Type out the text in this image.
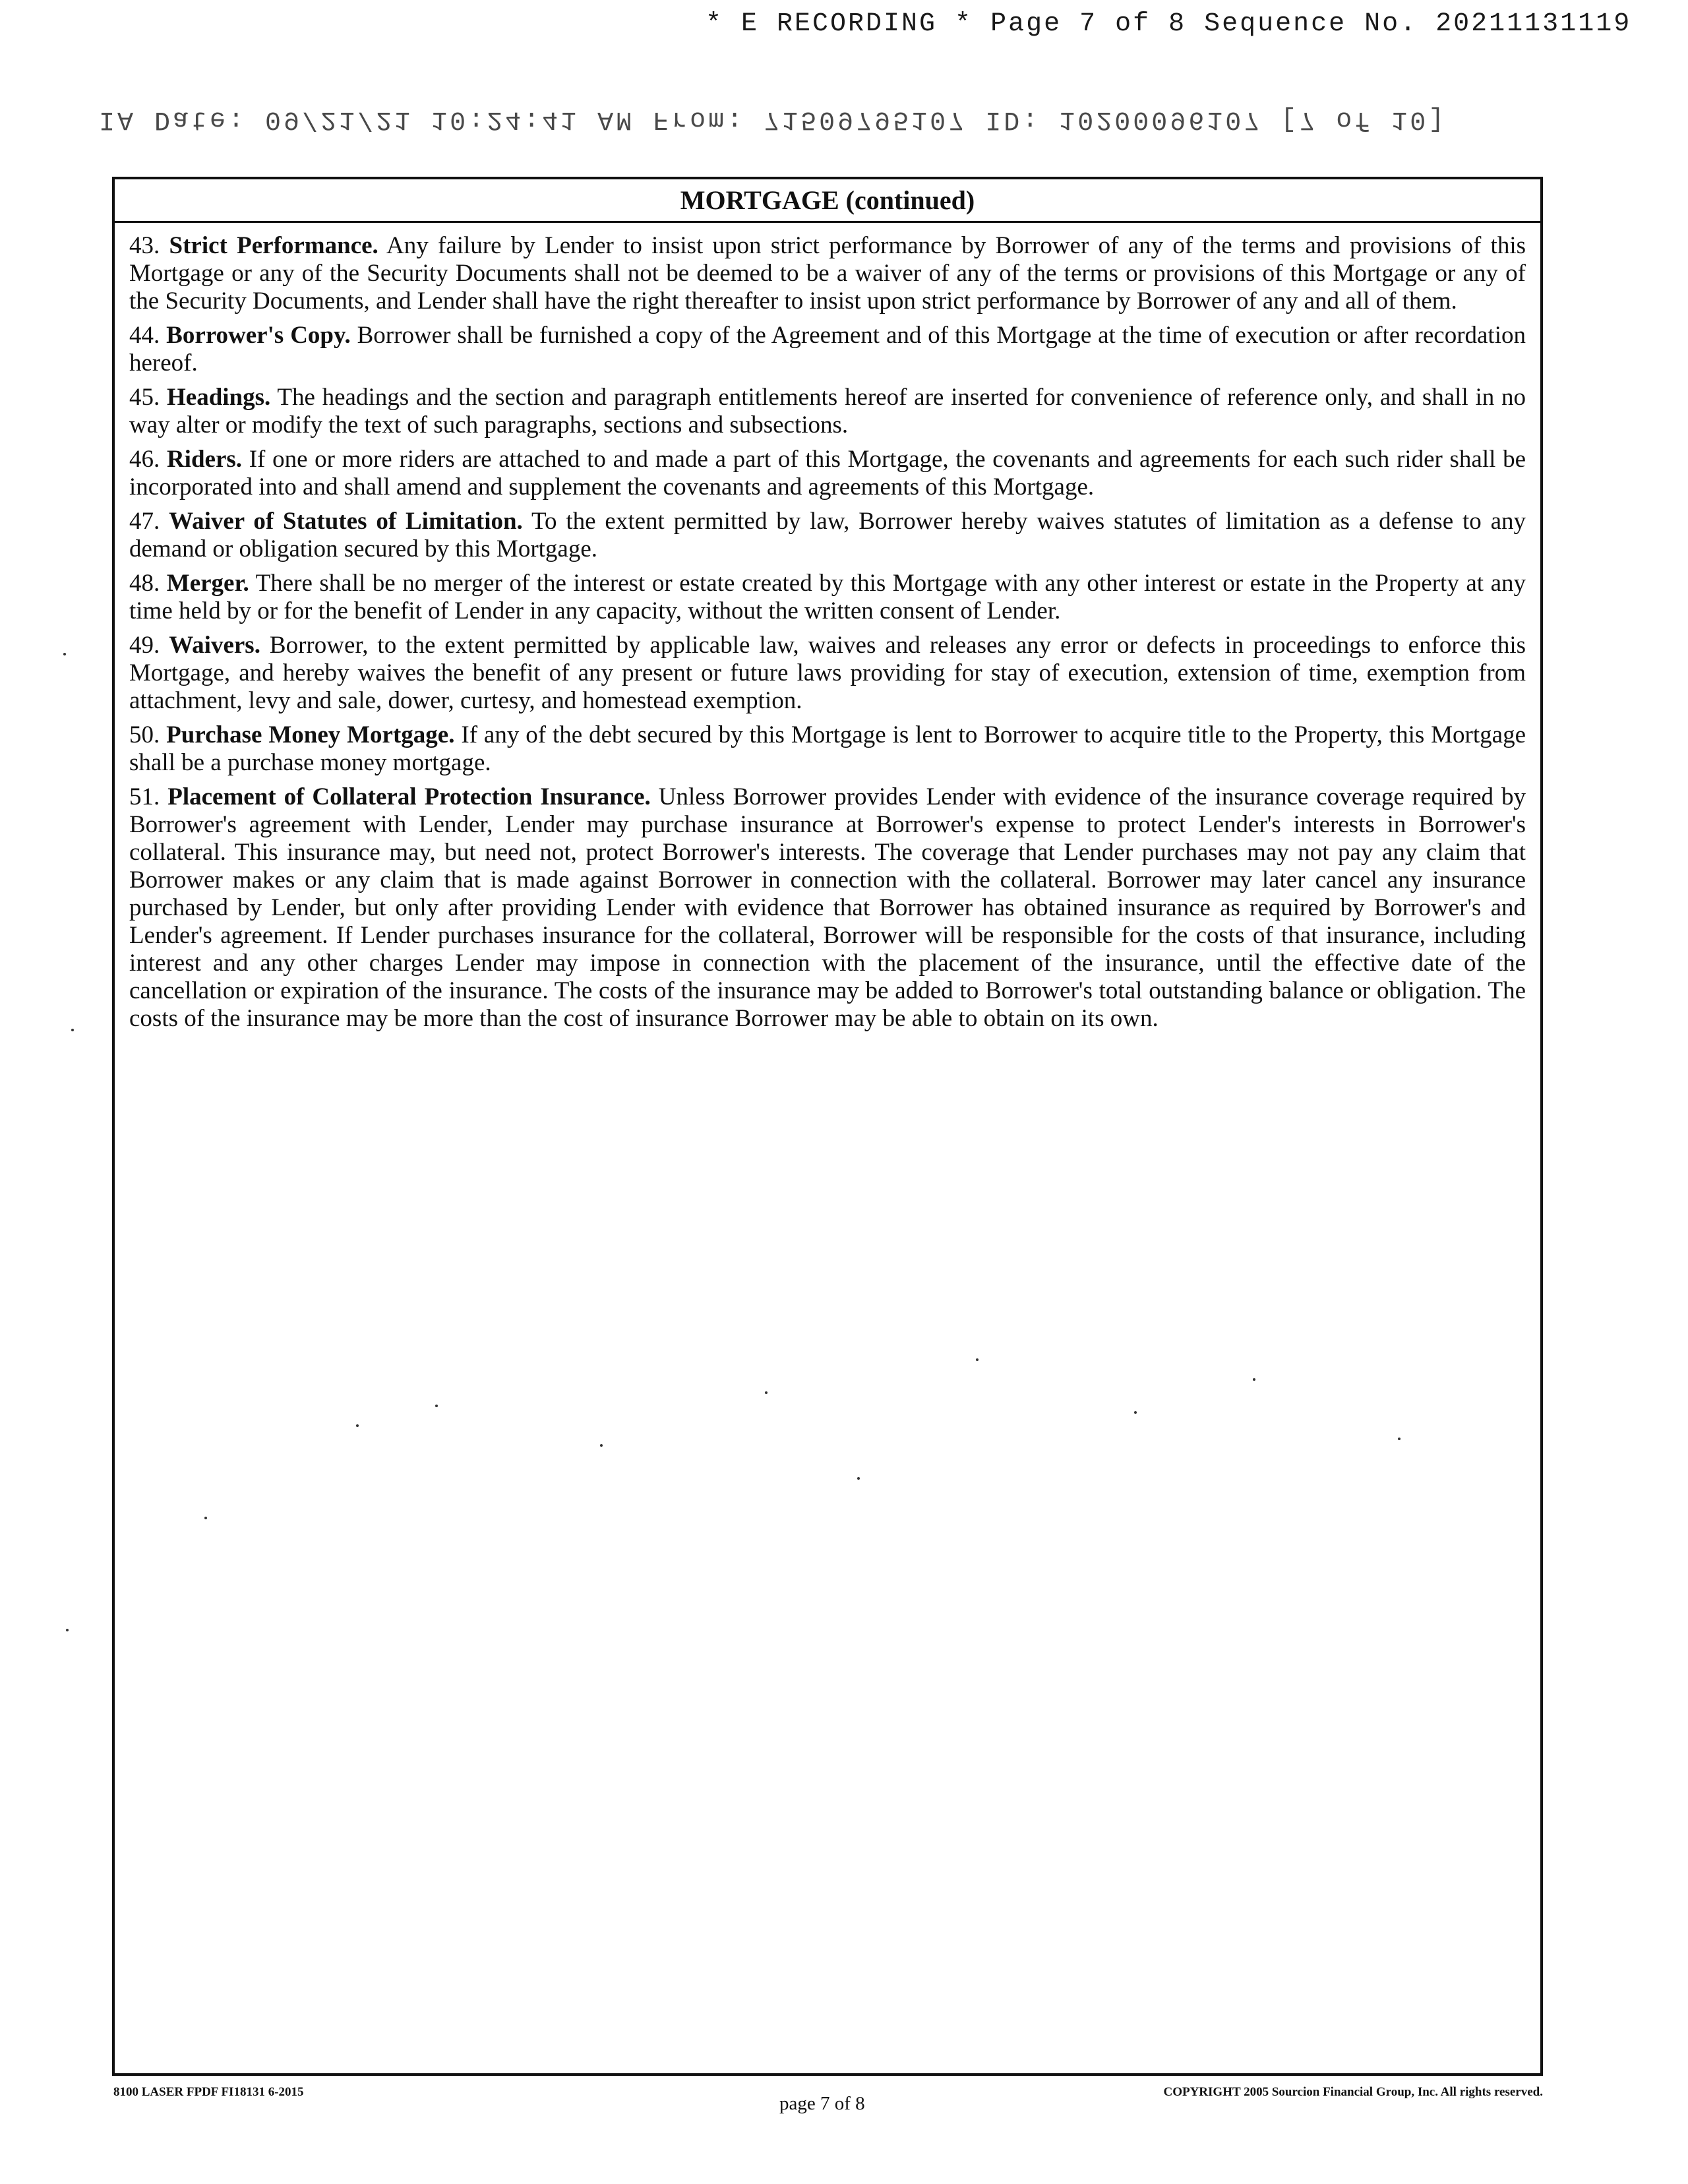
* E RECORDING * Page 7 of 8 Sequence No. 20211131119
IA Date: 09/21/21 10:24:41 AM From: 71509795107 ID: 10200096107 [7 of 10]
MORTGAGE (continued)

43. Strict Performance. Any failure by Lender to insist upon strict performance by Borrower of any of the terms and provisions of this Mortgage or any of the Security Documents shall not be deemed to be a waiver of any of the terms or provisions of this Mortgage or any of the Security Documents, and Lender shall have the right thereafter to insist upon strict performance by Borrower of any and all of them.

44. Borrower's Copy. Borrower shall be furnished a copy of the Agreement and of this Mortgage at the time of execution or after recordation hereof.

45. Headings. The headings and the section and paragraph entitlements hereof are inserted for convenience of reference only, and shall in no way alter or modify the text of such paragraphs, sections and subsections.

46. Riders. If one or more riders are attached to and made a part of this Mortgage, the covenants and agreements for each such rider shall be incorporated into and shall amend and supplement the covenants and agreements of this Mortgage.

47. Waiver of Statutes of Limitation. To the extent permitted by law, Borrower hereby waives statutes of limitation as a defense to any demand or obligation secured by this Mortgage.

48. Merger. There shall be no merger of the interest or estate created by this Mortgage with any other interest or estate in the Property at any time held by or for the benefit of Lender in any capacity, without the written consent of Lender.

49. Waivers. Borrower, to the extent permitted by applicable law, waives and releases any error or defects in proceedings to enforce this Mortgage, and hereby waives the benefit of any present or future laws providing for stay of execution, extension of time, exemption from attachment, levy and sale, dower, curtesy, and homestead exemption.

50. Purchase Money Mortgage. If any of the debt secured by this Mortgage is lent to Borrower to acquire title to the Property, this Mortgage shall be a purchase money mortgage.

51. Placement of Collateral Protection Insurance. Unless Borrower provides Lender with evidence of the insurance coverage required by Borrower's agreement with Lender, Lender may purchase insurance at Borrower's expense to protect Lender's interests in Borrower's collateral. This insurance may, but need not, protect Borrower's interests. The coverage that Lender purchases may not pay any claim that Borrower makes or any claim that is made against Borrower in connection with the collateral. Borrower may later cancel any insurance purchased by Lender, but only after providing Lender with evidence that Borrower has obtained insurance as required by Borrower's and Lender's agreement. If Lender purchases insurance for the collateral, Borrower will be responsible for the costs of that insurance, including interest and any other charges Lender may impose in connection with the placement of the insurance, until the effective date of the cancellation or expiration of the insurance. The costs of the insurance may be added to Borrower's total outstanding balance or obligation. The costs of the insurance may be more than the cost of insurance Borrower may be able to obtain on its own.

8100 LASER FPDF FI18131 6-2015
page 7 of 8
COPYRIGHT 2005 Sourcion Financial Group, Inc. All rights reserved.
